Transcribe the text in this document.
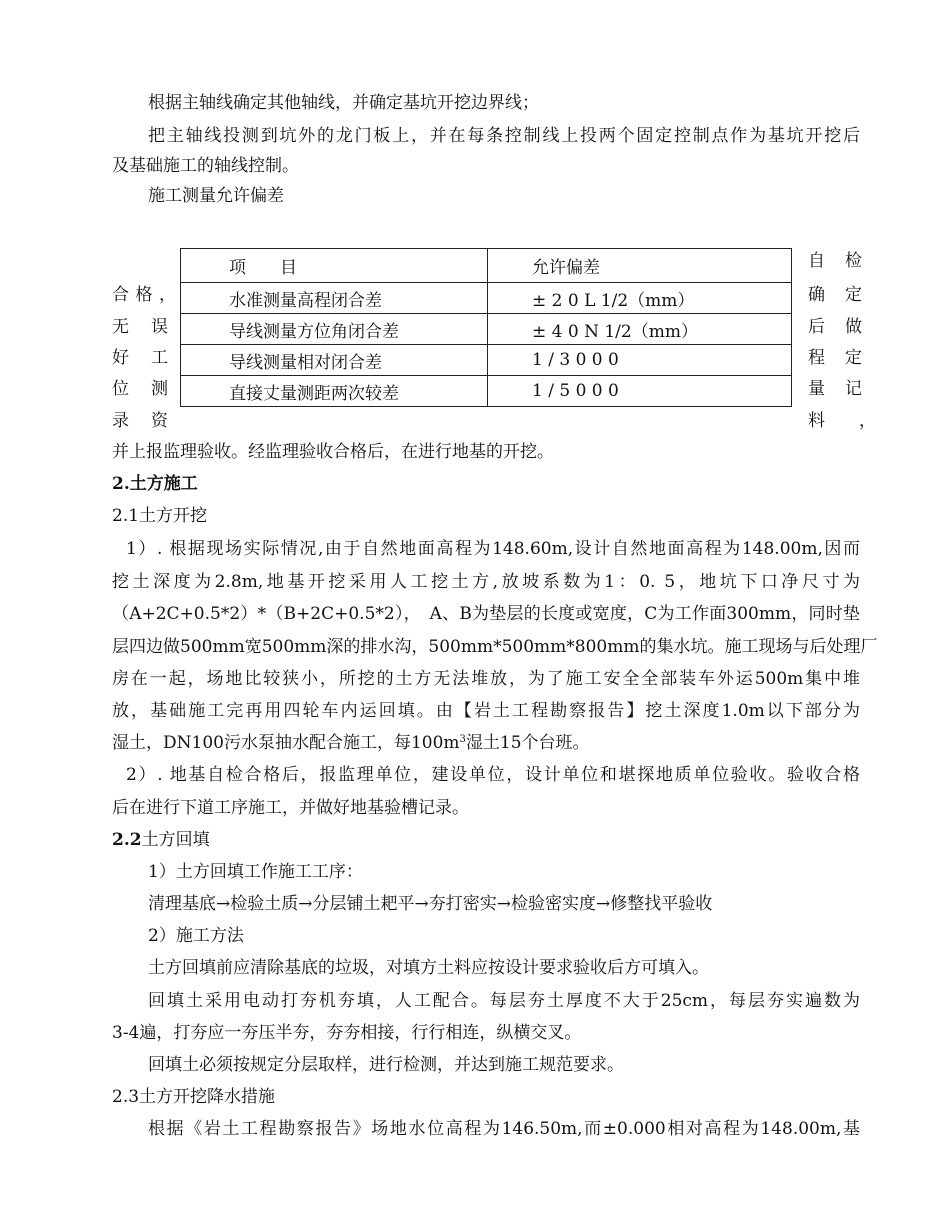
根据主轴线确定其他轴线，并确定基坑开挖边界线；
把主轴线投测到坑外的龙门板上，并在每条控制线上投两个固定控制点作为基坑开挖后
及基础施工的轴线控制。
施工测量允许偏差
合 格 ，
无　误
好　工
位　测
录　资
自　检
确　定
后　做
程　定
量　记
料　　，
项　　目	允许偏差
水准测量高程闭合差	± 2 0 L 1/2（mm）
导线测量方位角闭合差	± 4 0 N 1/2（mm）
导线测量相对闭合差	1 / 3 0 0 0
直接丈量测距两次较差	1 / 5 0 0 0
并上报监理验收。经监理验收合格后，在进行地基的开挖。
2.土方施工
2.1土方开挖
1）. 根据现场实际情况,由于自然地面高程为148.60m,设计自然地面高程为148.00m,因而
挖土深度为2.8m,地基开挖采用人工挖土方,放坡系数为1：0. 5，地坑下口净尺寸为
（A+2C+0.5*2）*（B+2C+0.5*2），　A、B为垫层的长度或宽度，C为工作面300mm，同时垫
层四边做500mm宽500mm深的排水沟，500mm*500mm*800mm的集水坑。施工现场与后处理厂
房在一起，场地比较狭小，所挖的土方无法堆放，为了施工安全全部装车外运500m集中堆
放，基础施工完再用四轮车内运回填。由【岩土工程勘察报告】挖土深度1.0m以下部分为
湿土，DN100污水泵抽水配合施工，每$100m^3$湿土15个台班。
2）. 地基自检合格后，报监理单位，建设单位，设计单位和堪探地质单位验收。验收合格
后在进行下道工序施工，并做好地基验槽记录。
2.2土方回填
1）土方回填工作施工工序：
清理基底→检验土质→分层铺土耙平→夯打密实→检验密实度→修整找平验收
2）施工方法
土方回填前应清除基底的垃圾，对填方土料应按设计要求验收后方可填入。
回填土采用电动打夯机夯填，人工配合。每层夯土厚度不大于25cm，每层夯实遍数为
3-4遍，打夯应一夯压半夯，夯夯相接，行行相连，纵横交叉。
回填土必须按规定分层取样，进行检测，并达到施工规范要求。
2.3土方开挖降水措施
根据《岩土工程勘察报告》场地水位高程为146.50m,而±0.000相对高程为148.00m,基
